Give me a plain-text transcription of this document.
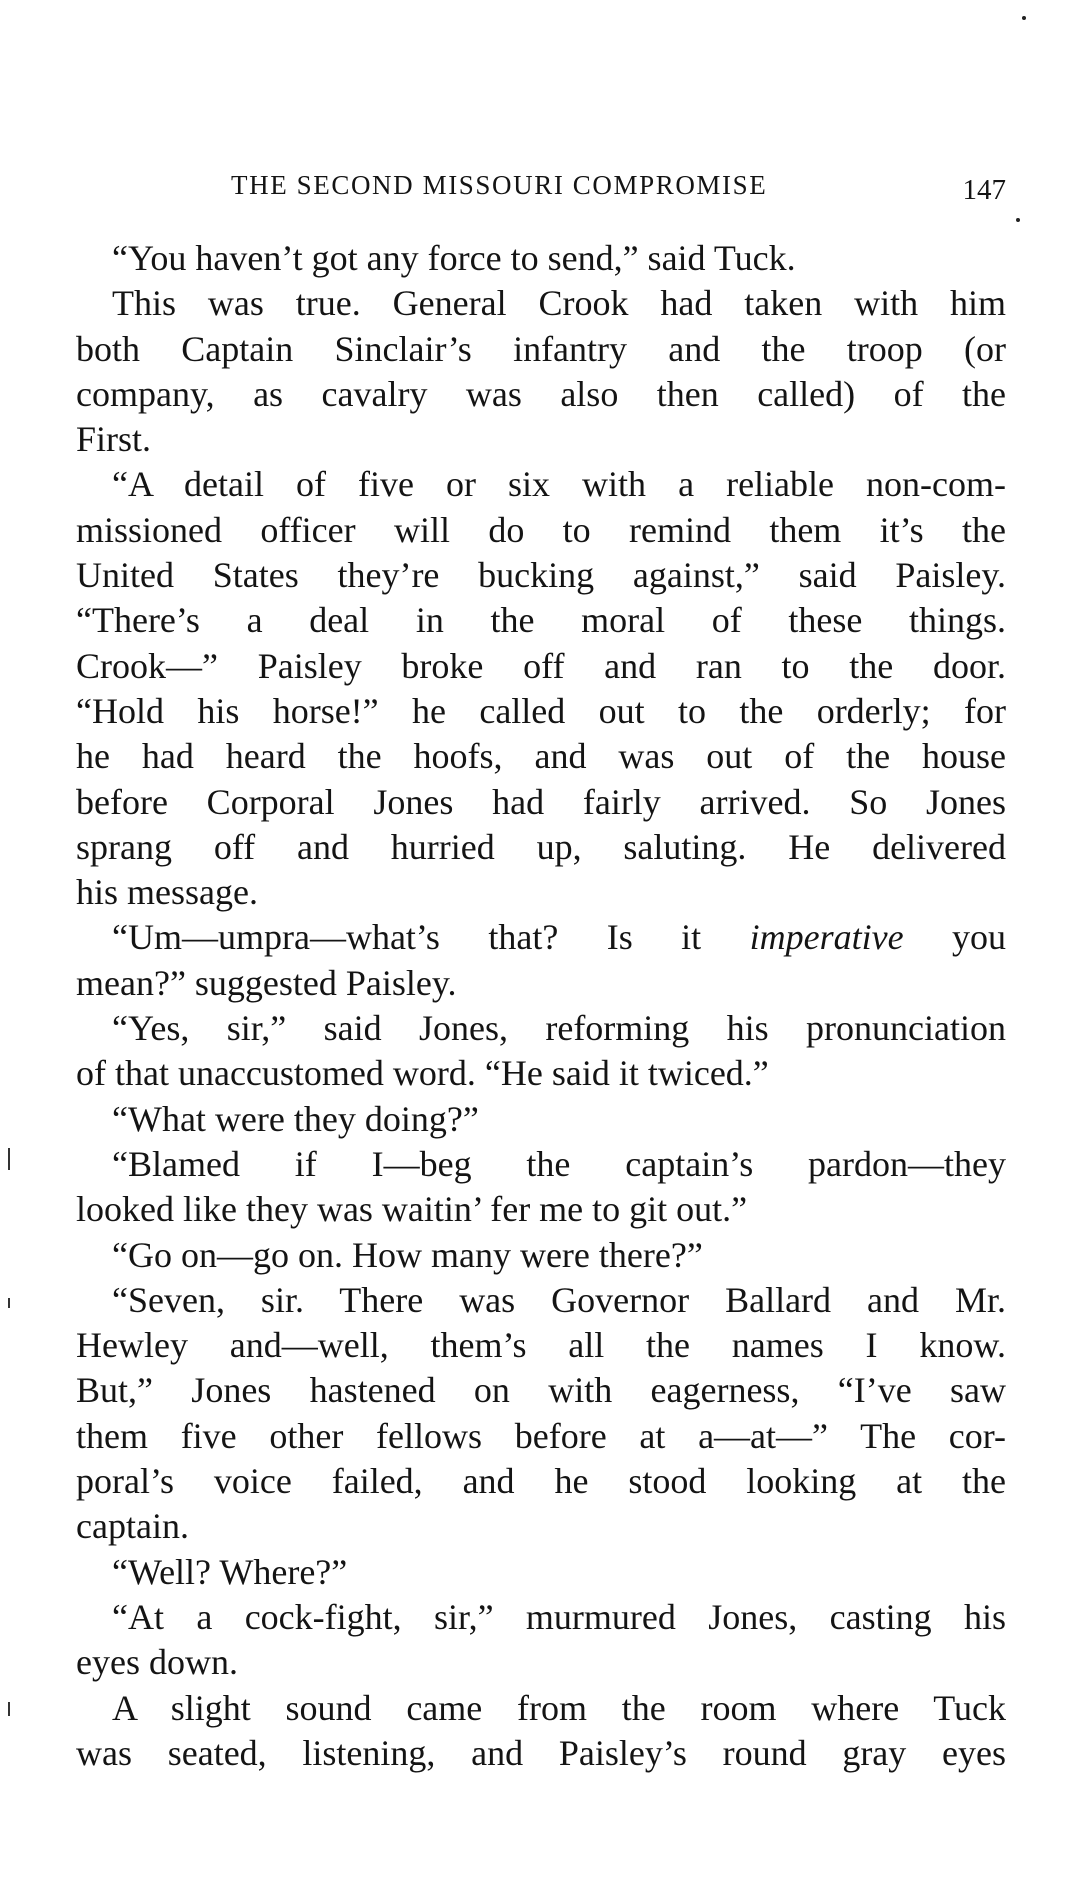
THE SECOND MISSOURI COMPROMISE	147
“You haven’t got any force to send,” said Tuck.
This was true. General Crook had taken with him
both Captain Sinclair’s infantry and the troop (or
company, as cavalry was also then called) of the
First.
“A detail of five or six with a reliable non-com-
missioned officer will do to remind them it’s the
United States they’re bucking against,” said Paisley.
“There’s a deal in the moral of these things.
Crook—” Paisley broke off and ran to the door.
“Hold his horse!” he called out to the orderly; for
he had heard the hoofs, and was out of the house
before Corporal Jones had fairly arrived. So Jones
sprang off and hurried up, saluting. He delivered
his message.
“Um—umpra—what’s that? Is it imperative you
mean?” suggested Paisley.
“Yes, sir,” said Jones, reforming his pronunciation
of that unaccustomed word. “He said it twiced.”
“What were they doing?”
“Blamed if I—beg the captain’s pardon—they
looked like they was waitin’ fer me to git out.”
“Go on—go on. How many were there?”
“Seven, sir. There was Governor Ballard and Mr.
Hewley and—well, them’s all the names I know.
But,” Jones hastened on with eagerness, “I’ve saw
them five other fellows before at a—at—” The cor-
poral’s voice failed, and he stood looking at the
captain.
“Well? Where?”
“At a cock-fight, sir,” murmured Jones, casting his
eyes down.
A slight sound came from the room where Tuck
was seated, listening, and Paisley’s round gray eyes
